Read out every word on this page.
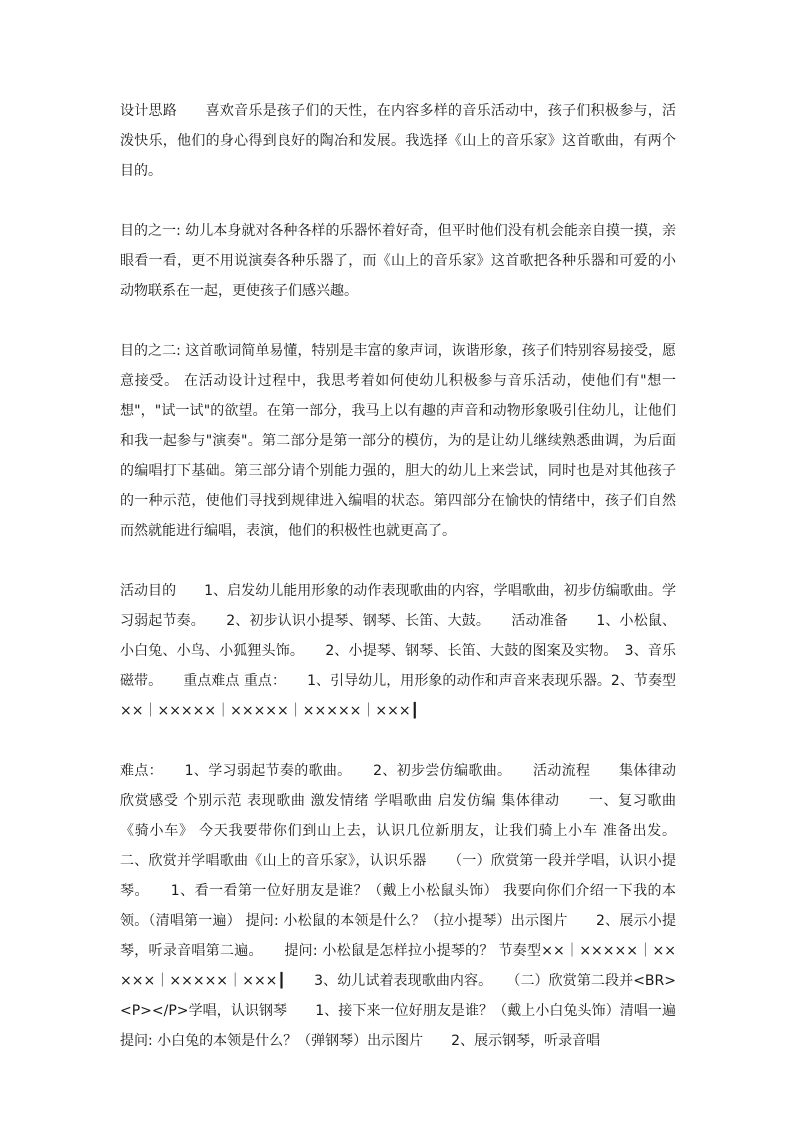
设计思路　　喜欢音乐是孩子们的天性，在内容多样的音乐活动中，孩子们积极参与，活泼快乐，他们的身心得到良好的陶冶和发展。我选择《山上的音乐家》这首歌曲，有两个目的。

目的之一: 幼儿本身就对各种各样的乐器怀着好奇，但平时他们没有机会能亲自摸一摸，亲眼看一看，更不用说演奏各种乐器了，而《山上的音乐家》这首歌把各种乐器和可爱的小动物联系在一起，更使孩子们感兴趣。

目的之二: 这首歌词简单易懂，特别是丰富的象声词，诙谐形象，孩子们特别容易接受，愿意接受。 在活动设计过程中，我思考着如何使幼儿积极参与音乐活动，使他们有"想一想"，"试一试"的欲望。在第一部分，我马上以有趣的声音和动物形象吸引住幼儿，让他们和我一起参与"演奏"。第二部分是第一部分的模仿，为的是让幼儿继续熟悉曲调，为后面的编唱打下基础。第三部分请个别能力强的，胆大的幼儿上来尝试，同时也是对其他孩子的一种示范，使他们寻找到规律进入编唱的状态。第四部分在愉快的情绪中，孩子们自然而然就能进行编唱，表演，他们的积极性也就更高了。

活动目的　　1、启发幼儿能用形象的动作表现歌曲的内容，学唱歌曲，初步仿编歌曲。学习弱起节奏。　　2、初步认识小提琴、钢琴、长笛、大鼓。　　活动准备　　1、小松鼠、小白兔、小鸟、小狐狸头饰。　　2、小提琴、钢琴、长笛、大鼓的图案及实物。　3、音乐磁带。　　重点难点 重点：　　1、引导幼儿，用形象的动作和声音来表现乐器。2、节奏型××｜×××××｜×××××｜×××××｜×××┃

难点：　　1、学习弱起节奏的歌曲。　　2、初步尝仿编歌曲。　　活动流程　　集体律动 欣赏感受 个别示范 表现歌曲 激发情绪 学唱歌曲 启发仿编 集体律动　　一、复习歌曲《骑小车》 今天我要带你们到山上去，认识几位新朋友，让我们骑上小车 准备出发。 二、欣赏并学唱歌曲《山上的音乐家》，认识乐器　　（一）欣赏第一段并学唱，认识小提琴。　　1、看一看第一位好朋友是谁？（戴上小松鼠头饰） 我要向你们介绍一下我的本领。（清唱第一遍） 提问: 小松鼠的本领是什么？（拉小提琴）出示图片　　2、展示小提琴，听录音唱第二遍。　　提问: 小松鼠是怎样拉小提琴的？ 节奏型××｜×××××｜×××××｜×××××｜×××┃　　3、幼儿试着表现歌曲内容。　　（二）欣赏第二段并<BR><P></P>学唱，认识钢琴　　1、接下来一位好朋友是谁？（戴上小白兔头饰）清唱一遍 提问: 小白兔的本领是什么？（弹钢琴）出示图片　　2、展示钢琴，听录音唱
